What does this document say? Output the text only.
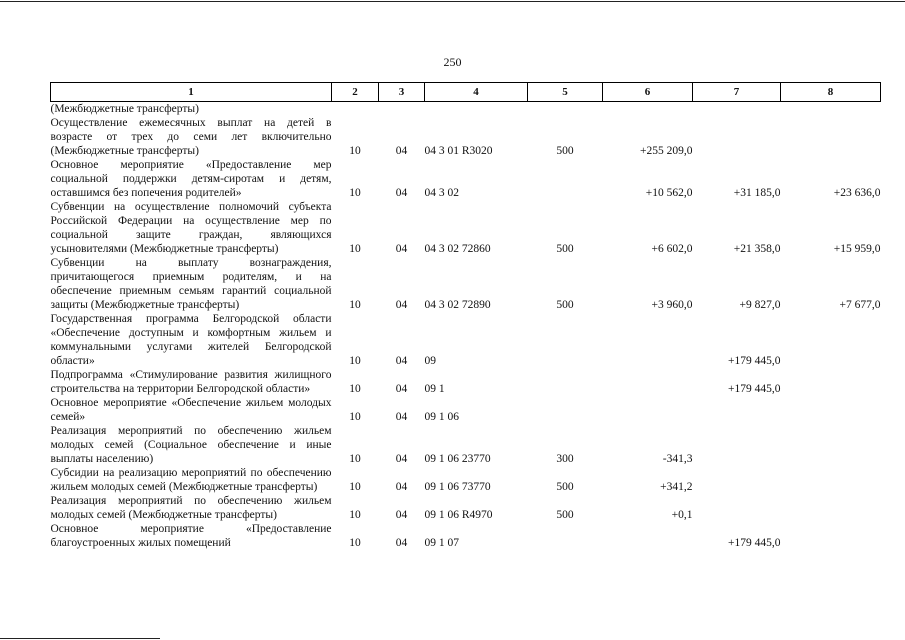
250
1	2	3	4	5	6	7	8
(Межбюджетные трансферты)							
Осуществление ежемесячных выплат на детей в возрасте от трех до семи лет включительно (Межбюджетные трансферты)	10	04	04 3 01 R3020	500	+255 209,0		
Основное мероприятие «Предоставление мер социальной поддержки детям-сиротам и детям, оставшимся без попечения родителей»	10	04	04 3 02		+10 562,0	+31 185,0	+23 636,0
Субвенции на осуществление полномочий субъекта Российской Федерации на осуществление мер по социальной защите граждан, являющихся усыновителями (Межбюджетные трансферты)	10	04	04 3 02 72860	500	+6 602,0	+21 358,0	+15 959,0
Субвенции на выплату вознаграждения, причитающегося приемным родителям, и на обеспечение приемным семьям гарантий социальной защиты (Межбюджетные трансферты)	10	04	04 3 02 72890	500	+3 960,0	+9 827,0	+7 677,0
Государственная программа Белгородской области «Обеспечение доступным и комфортным жильем и коммунальными услугами жителей Белгородской области»	10	04	09			+179 445,0	
Подпрограмма «Стимулирование развития жилищного строительства на территории Белгородской области»	10	04	09 1			+179 445,0	
Основное мероприятие «Обеспечение жильем молодых семей»	10	04	09 1 06				
Реализация мероприятий по обеспечению жильем молодых семей (Социальное обеспечение и иные выплаты населению)	10	04	09 1 06 23770	300	-341,3		
Субсидии на реализацию мероприятий по обеспечению жильем молодых семей (Межбюджетные трансферты)	10	04	09 1 06 73770	500	+341,2		
Реализация мероприятий по обеспечению жильем молодых семей (Межбюджетные трансферты)	10	04	09 1 06 R4970	500	+0,1		
Основное мероприятие «Предоставление благоустроенных жилых помещений	10	04	09 1 07			+179 445,0	
